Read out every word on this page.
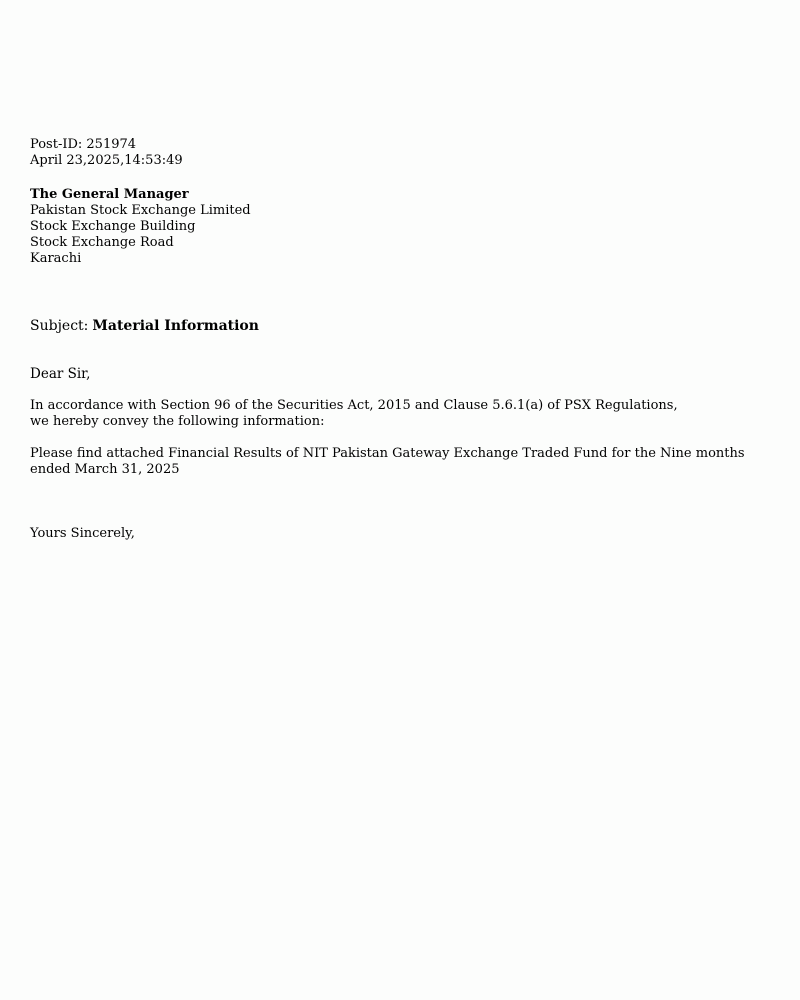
Post-ID: 251974
April 23,2025,14:53:49
The General Manager
Pakistan Stock Exchange Limited
Stock Exchange Building
Stock Exchange Road
Karachi
Subject: Material Information
Dear Sir,
In accordance with Section 96 of the Securities Act, 2015 and Clause 5.6.1(a) of PSX Regulations,
we hereby convey the following information:
Please find attached Financial Results of NIT Pakistan Gateway Exchange Traded Fund for the Nine months ended March 31, 2025
Yours Sincerely,
